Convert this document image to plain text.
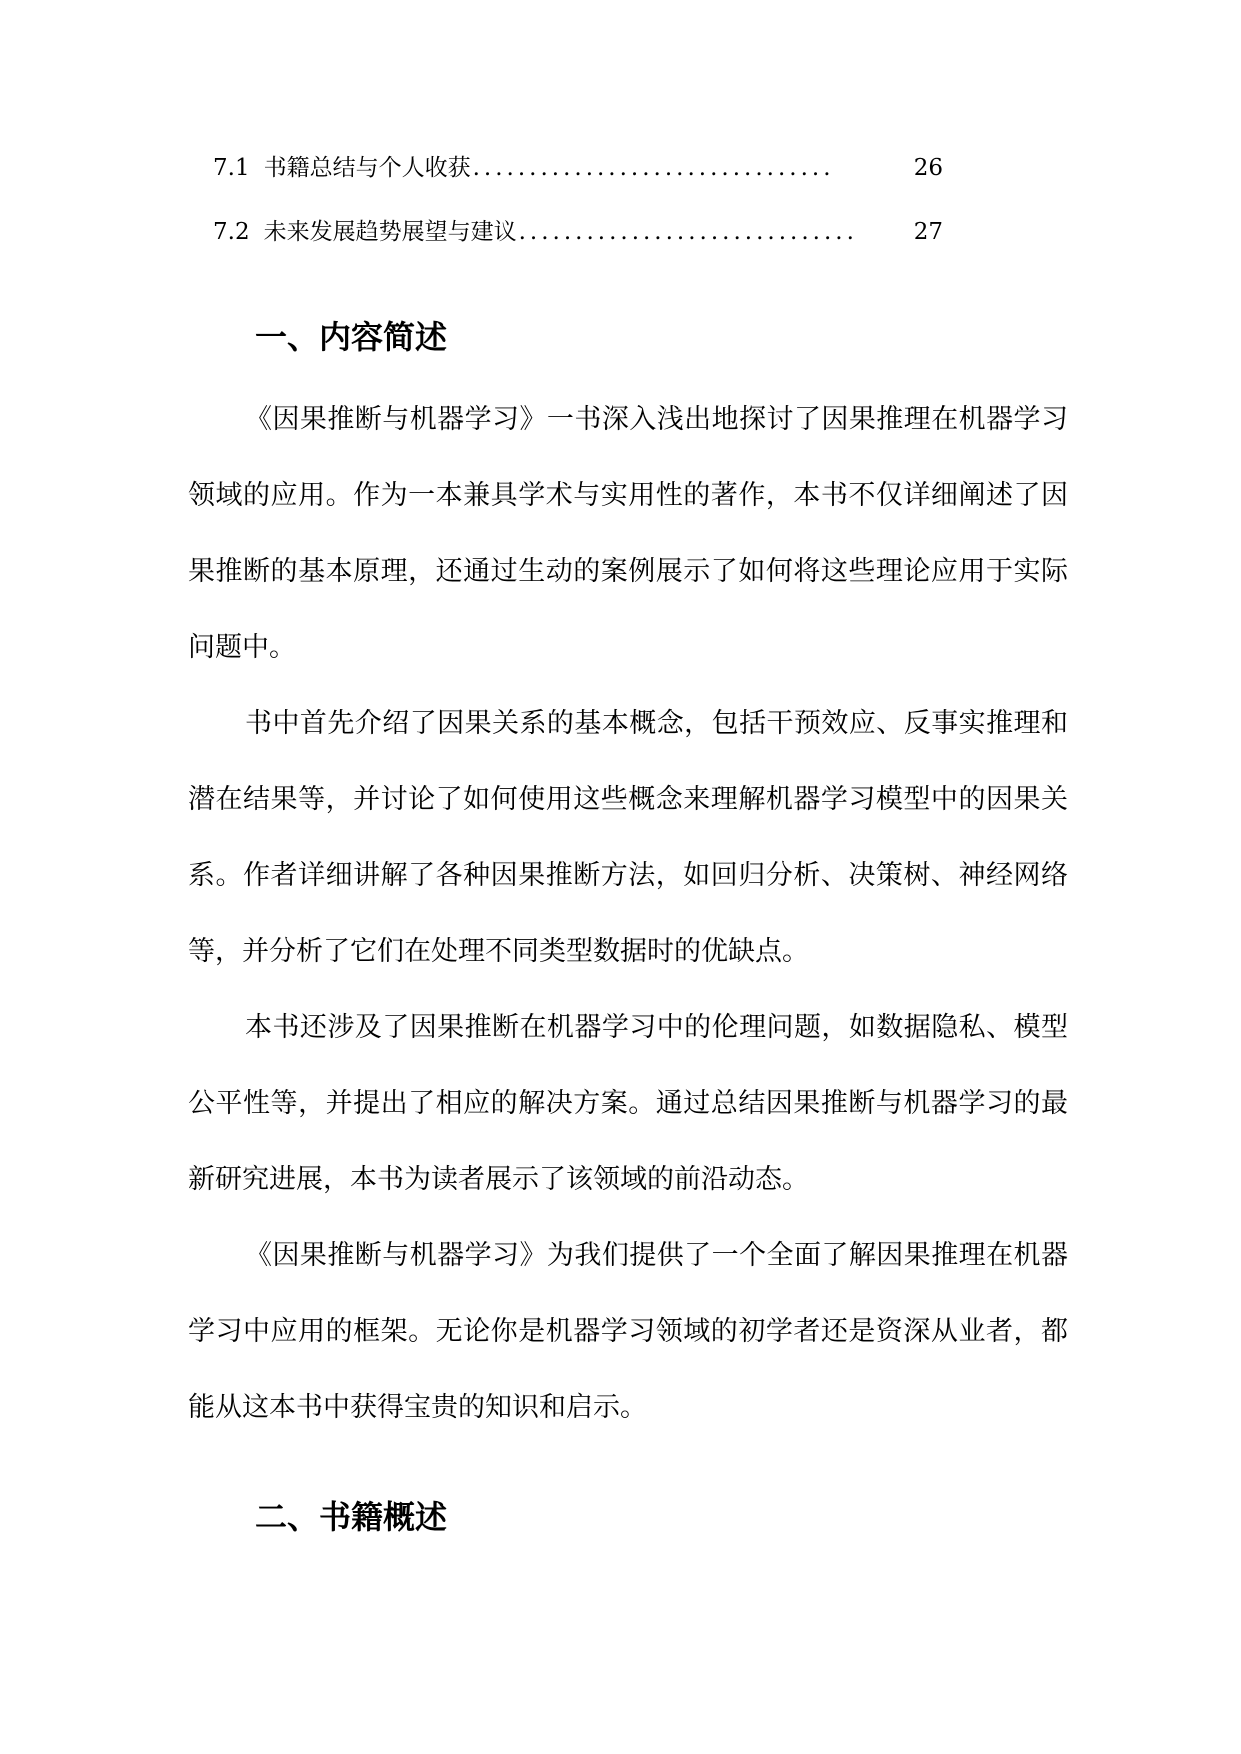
7.1 书籍总结与个人收获 ................................	26
7.2 未来发展趋势展望与建议 ..............................	27
一、内容简述

《因果推断与机器学习》一书深入浅出地探讨了因果推理在机器学习领域的应用。作为一本兼具学术与实用性的著作，本书不仅详细阐述了因果推断的基本原理，还通过生动的案例展示了如何将这些理论应用于实际问题中。

书中首先介绍了因果关系的基本概念，包括干预效应、反事实推理和潜在结果等，并讨论了如何使用这些概念来理解机器学习模型中的因果关系。作者详细讲解了各种因果推断方法，如回归分析、决策树、神经网络等，并分析了它们在处理不同类型数据时的优缺点。

本书还涉及了因果推断在机器学习中的伦理问题，如数据隐私、模型公平性等，并提出了相应的解决方案。通过总结因果推断与机器学习的最新研究进展，本书为读者展示了该领域的前沿动态。

《因果推断与机器学习》为我们提供了一个全面了解因果推理在机器学习中应用的框架。无论你是机器学习领域的初学者还是资深从业者，都能从这本书中获得宝贵的知识和启示。

二、书籍概述
